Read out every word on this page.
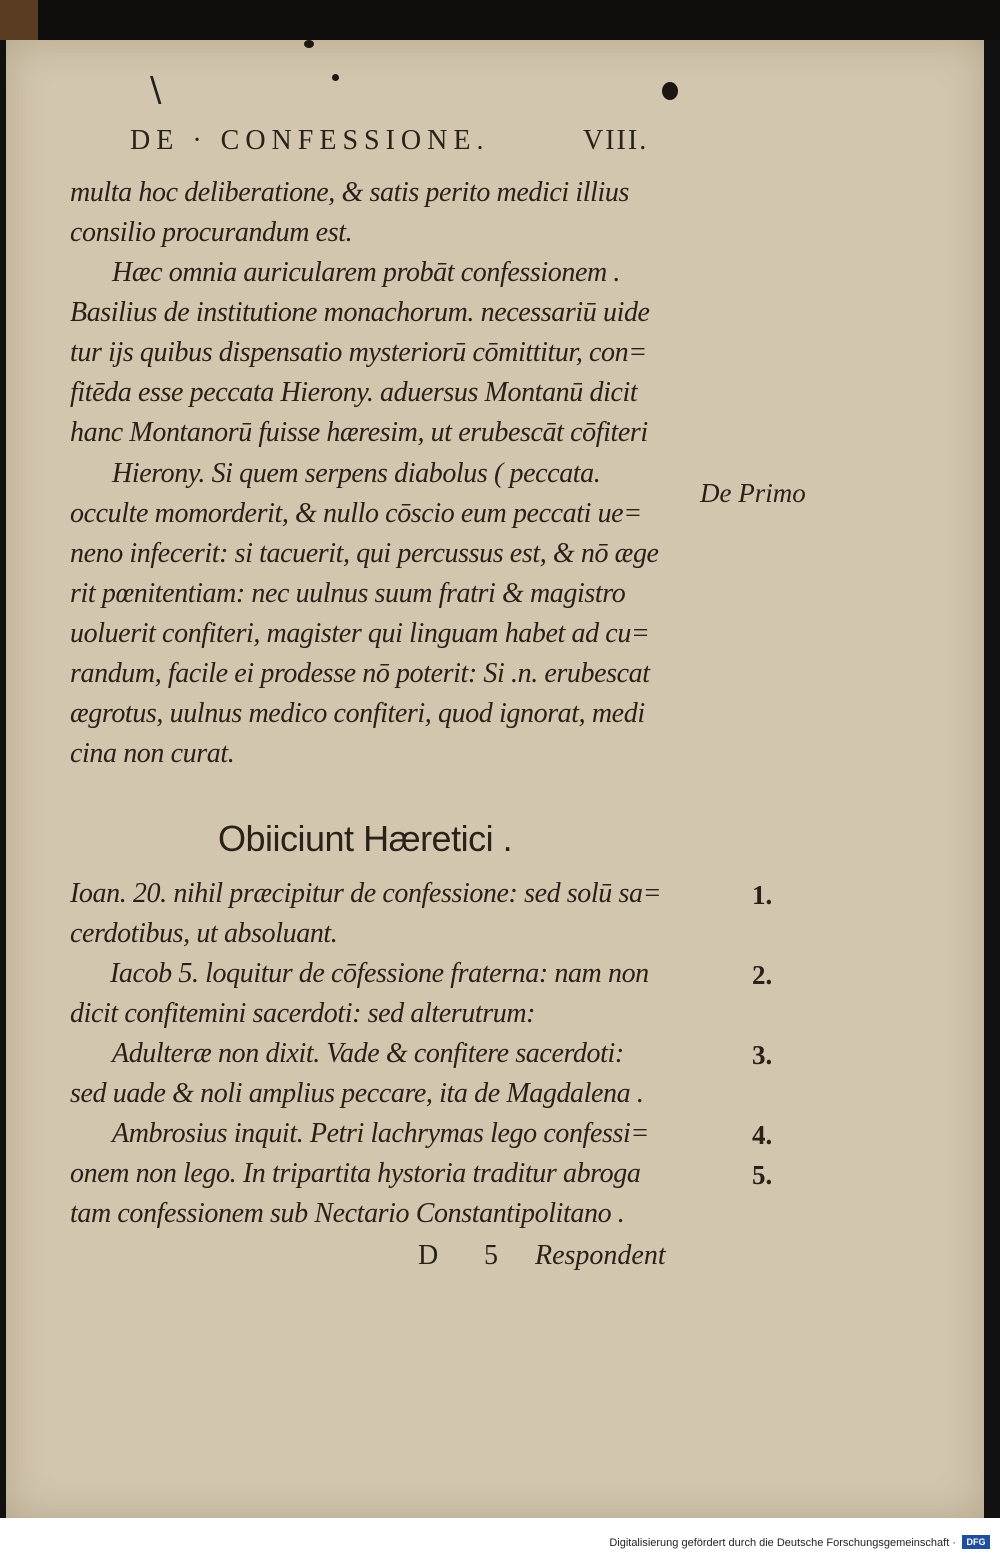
\
DE · CONFESSIONE.	VIII.
multa hoc deliberatione, & satis perito medici illius
consilio procurandum est.
Hæc omnia auricularem probāt confessionem .
Basilius de institutione monachorum. necessariū uide
tur ijs quibus dispensatio mysteriorū cōmittitur, con=
fitēda esse peccata Hierony. aduersus Montanū dicit
hanc Montanorū fuisse hæresim, ut erubescāt cōfiteri
Hierony. Si quem serpens diabolus ( peccata.
occulte momorderit, & nullo cōscio eum peccati ue=
neno infecerit: si tacuerit, qui percussus est, & nō æge
rit pœnitentiam: nec uulnus suum fratri & magistro
uoluerit confiteri, magister qui linguam habet ad cu=
randum, facile ei prodesse nō poterit: Si .n. erubescat
ægrotus, uulnus medico confiteri, quod ignorat, medi
cina non curat.
De Primo
Obiiciunt Hæretici .
Ioan. 20. nihil præcipitur de confessione: sed solū sa=
cerdotibus, ut absoluant.
Iacob 5. loquitur de cōfessione fraterna: nam non
dicit confitemini sacerdoti: sed alterutrum:
Adulteræ non dixit. Vade & confitere sacerdoti:
sed uade & noli amplius peccare, ita de Magdalena .
Ambrosius inquit. Petri lachrymas lego confessi=
onem non lego. In tripartita hystoria traditur abroga
tam confessionem sub Nectario Constantipolitano .
1.
2.
3.
4.
5.
D 5 Respondent
Digitalisierung gefördert durch die Deutsche Forschungsgemeinschaft ·	DFG
